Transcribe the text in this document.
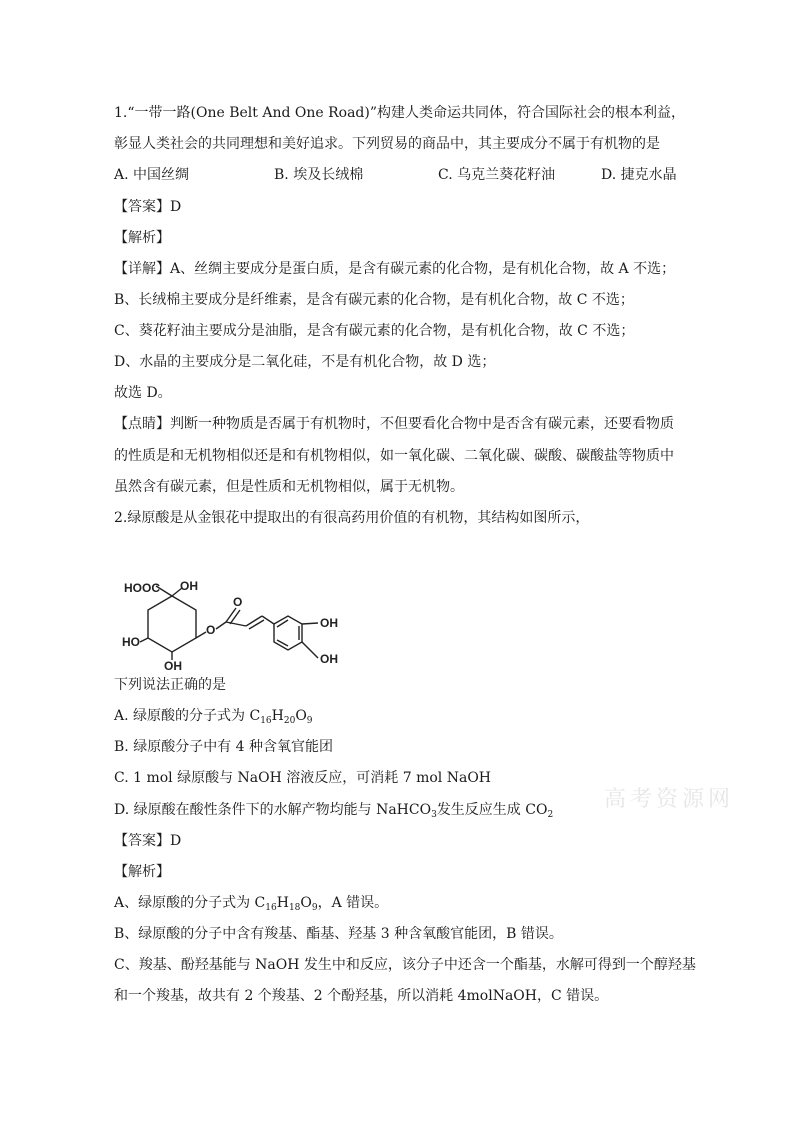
1.“一带一路(One Belt And One Road)”构建人类命运共同体，符合国际社会的根本利益，
彰显人类社会的共同理想和美好追求。下列贸易的商品中，其主要成分不属于有机物的是
A. 中国丝绸	B. 埃及长绒棉	C. 乌克兰葵花籽油	D. 捷克水晶
【答案】D
【解析】
【详解】A、丝绸主要成分是蛋白质，是含有碳元素的化合物，是有机化合物，故 A 不选；
B、长绒棉主要成分是纤维素，是含有碳元素的化合物，是有机化合物，故 C 不选；
C、葵花籽油主要成分是油脂，是含有碳元素的化合物，是有机化合物，故 C 不选；
D、水晶的主要成分是二氧化硅，不是有机化合物，故 D 选；
故选 D。
【点睛】判断一种物质是否属于有机物时，不但要看化合物中是否含有碳元素，还要看物质
的性质是和无机物相似还是和有机物相似，如一氧化碳、二氧化碳、碳酸、碳酸盐等物质中
虽然含有碳元素，但是性质和无机物相似，属于无机物。
2.绿原酸是从金银花中提取出的有很高药用价值的有机物，其结构如图所示，
HOOC OH
HO
OH
O
O
OH
OH
下列说法正确的是
A. 绿原酸的分子式为 $C_{16}H_{20}O_9$
B. 绿原酸分子中有 4 种含氧官能团
C. 1 mol 绿原酸与 NaOH 溶液反应，可消耗 7 mol NaOH
D. 绿原酸在酸性条件下的水解产物均能与 NaHCO$_3$发生反应生成 $CO_2$
高考资源网
【答案】D
【解析】
A、绿原酸的分子式为 $C_{16}H_{18}O_9$，A 错误。
B、绿原酸的分子中含有羧基、酯基、羟基 3 种含氧酸官能团，B 错误。
C、羧基、酚羟基能与 NaOH 发生中和反应，该分子中还含一个酯基，水解可得到一个醇羟基
和一个羧基，故共有 2 个羧基、2 个酚羟基，所以消耗 4molNaOH，C 错误。
